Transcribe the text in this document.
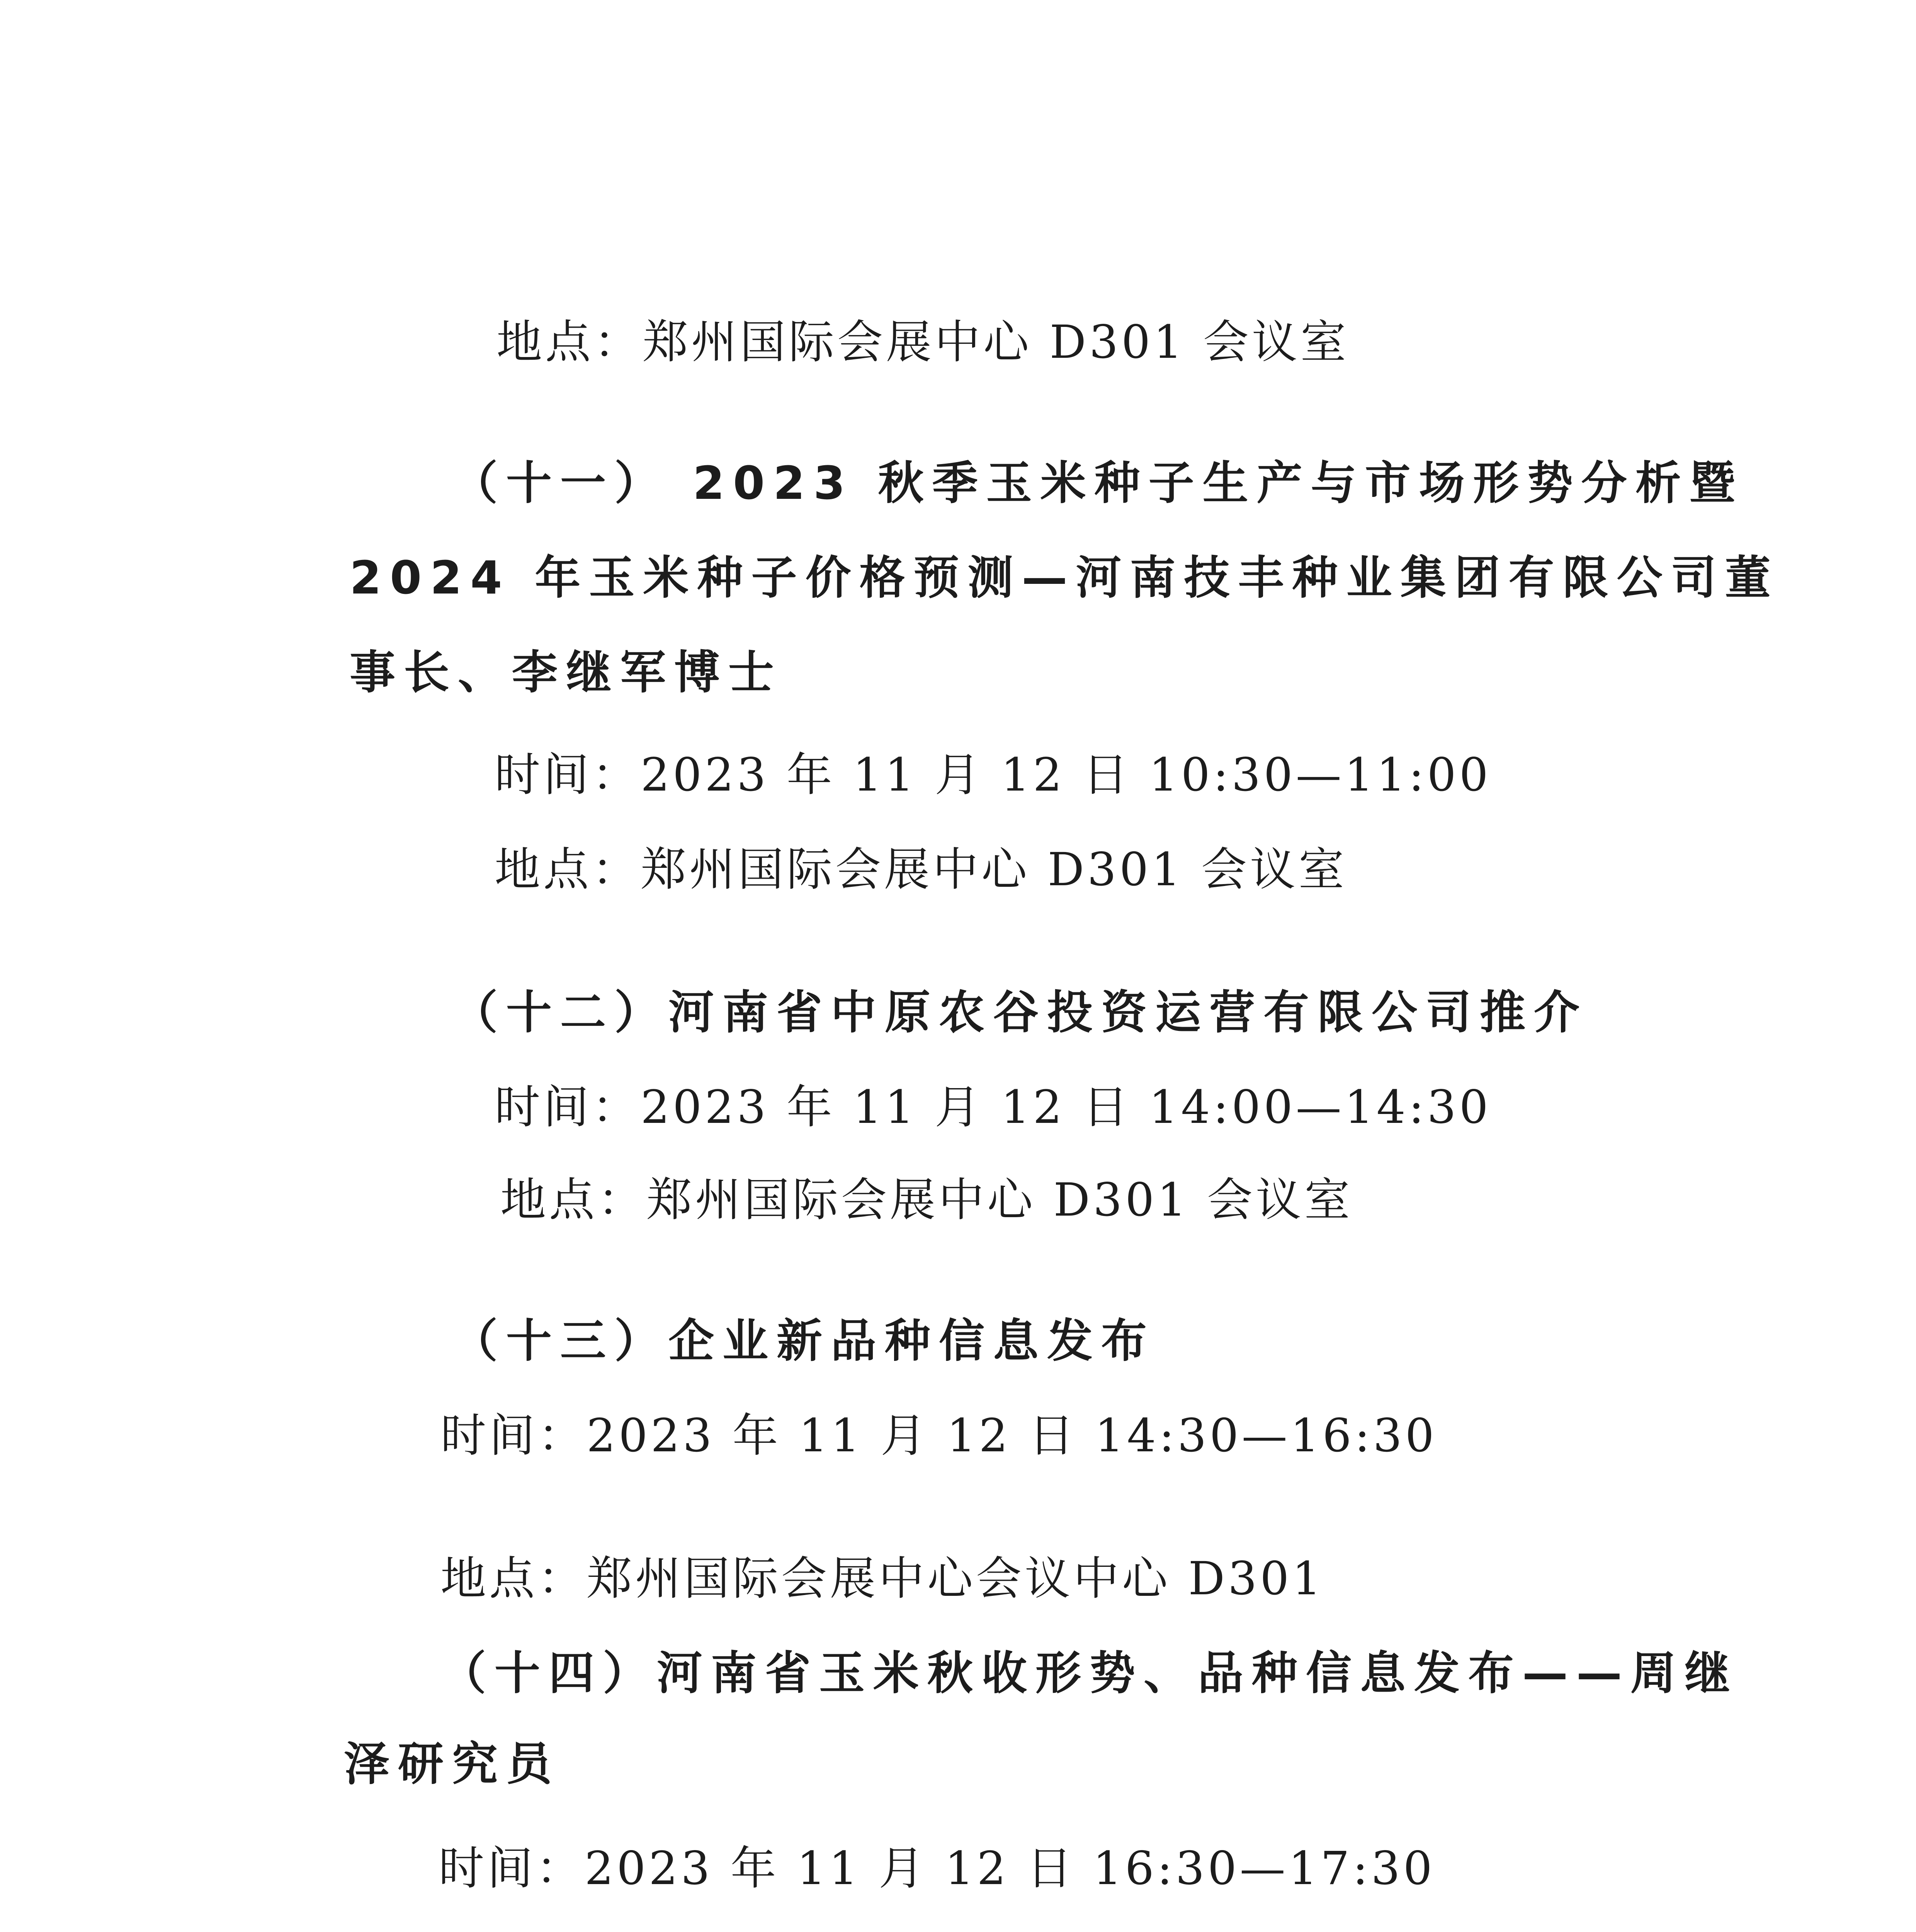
地点：郑州国际会展中心 D301 会议室
（十一） 2023 秋季玉米种子生产与市场形势分析暨
2024 年玉米种子价格预测—河南技丰种业集团有限公司董
事长、李继军博士
时间：2023 年 11 月 12 日 10:30—11:00
地点：郑州国际会展中心 D301 会议室
（十二）河南省中原农谷投资运营有限公司推介
时间：2023 年 11 月 12 日 14:00—14:30
地点：郑州国际会展中心 D301 会议室
（十三）企业新品种信息发布
时间：2023 年 11 月 12 日 14:30—16:30
地点：郑州国际会展中心会议中心 D301
（十四）河南省玉米秋收形势、品种信息发布——周继
泽研究员
时间：2023 年 11 月 12 日 16:30—17:30
